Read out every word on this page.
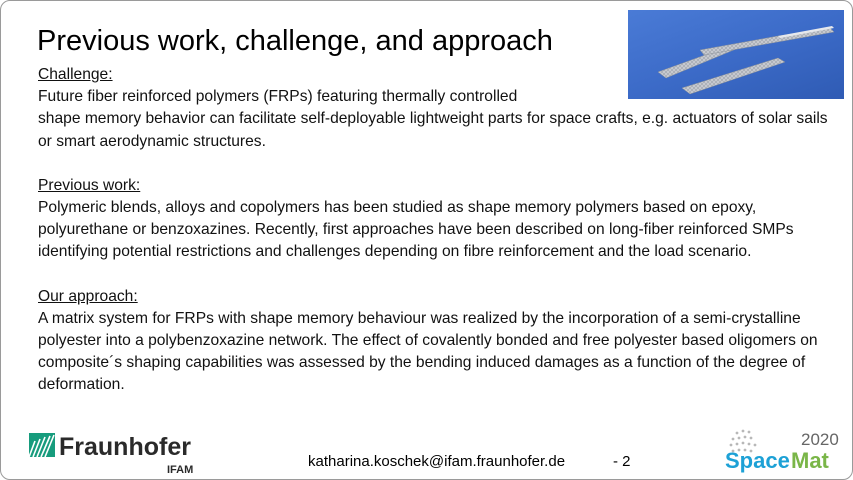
Previous work, challenge, and approach

Challenge:

Future fiber reinforced polymers (FRPs) featuring thermally controlled

shape memory behavior can facilitate self-deployable lightweight parts for space crafts, e.g. actuators of solar sails or smart aerodynamic structures.

Previous work:

Polymeric blends, alloys and copolymers has been studied as shape memory polymers based on epoxy, polyurethane or benzoxazines. Recently, first approaches have been described on long-fiber reinforced SMPs identifying potential restrictions and challenges depending on fibre reinforcement and the load scenario.

Our approach:

A matrix system for FRPs with shape memory behaviour was realized by the incorporation of a semi-crystalline polyester into a polybenzoxazine network. The effect of covalently bonded and free polyester based oligomers on composite´s shaping capabilities was assessed by the bending induced damages as a function of the degree of deformation.

Fraunhofer
IFAM	katharina.koschek@ifam.fraunhofer.de	- 2
2020
Space Mat
